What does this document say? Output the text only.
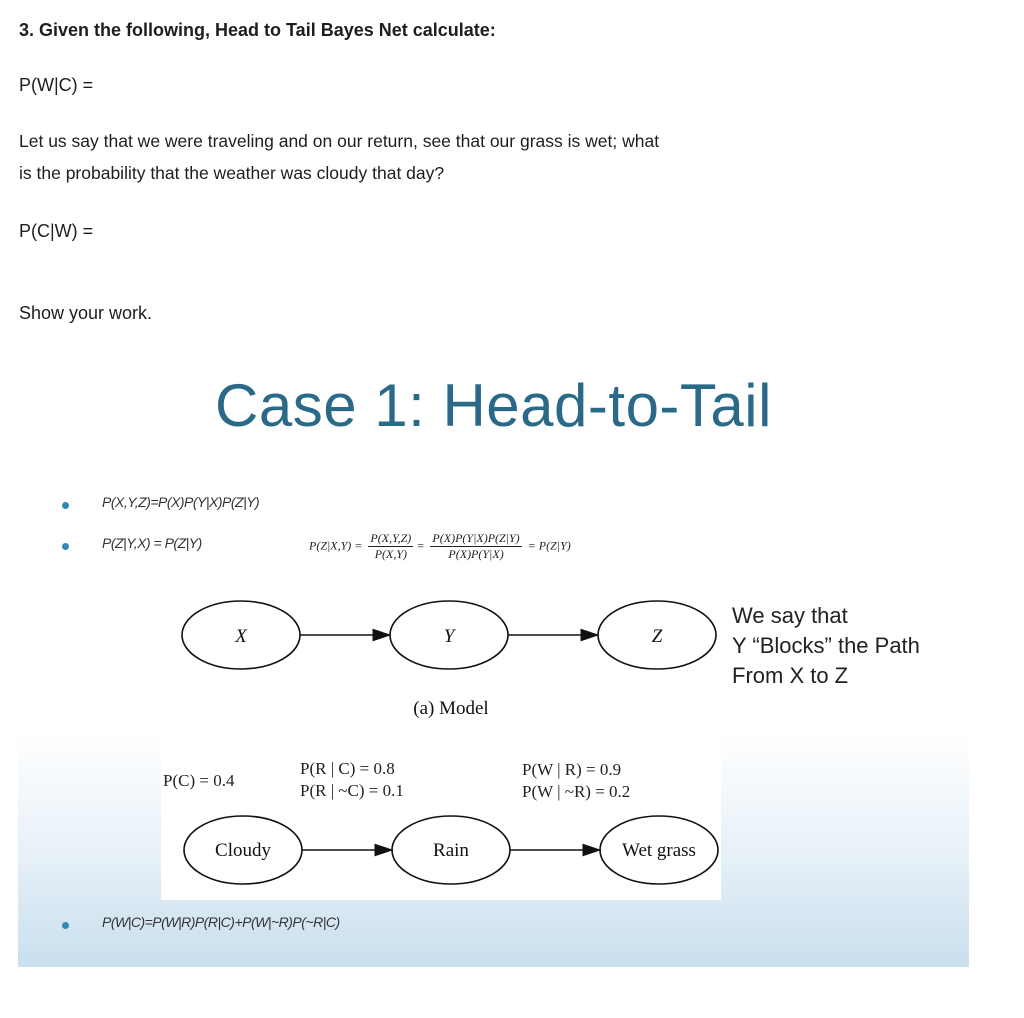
3. Given the following, Head to Tail Bayes Net calculate:
P(W|C) =
Let us say that we were traveling and on our return, see that our grass is wet; what
is the probability that the weather was cloudy that day?
P(C|W) =
Show your work.
Case 1: Head-to-Tail
P(X,Y,Z)=P(X)P(Y|X)P(Z|Y)
P(Z|Y,X) = P(Z|Y)	$P(Z|X,Y) = \frac{P(X,Y,Z)}{P(X,Y)} = \frac{P(X)P(Y|X)P(Z|Y)}{P(X)P(Y|X)} = P(Z|Y)$
X	Y	Z
(a) Model
Cloudy	Rain	Wet grass
P(C) = 0.4
P(R | C) = 0.8
P(R | ~C) = 0.1
P(W | R) = 0.9
P(W | ~R) = 0.2
We say that
Y “Blocks” the Path
From X to Z
P(W|C)=P(W|R)P(R|C)+P(W|~R)P(~R|C)
